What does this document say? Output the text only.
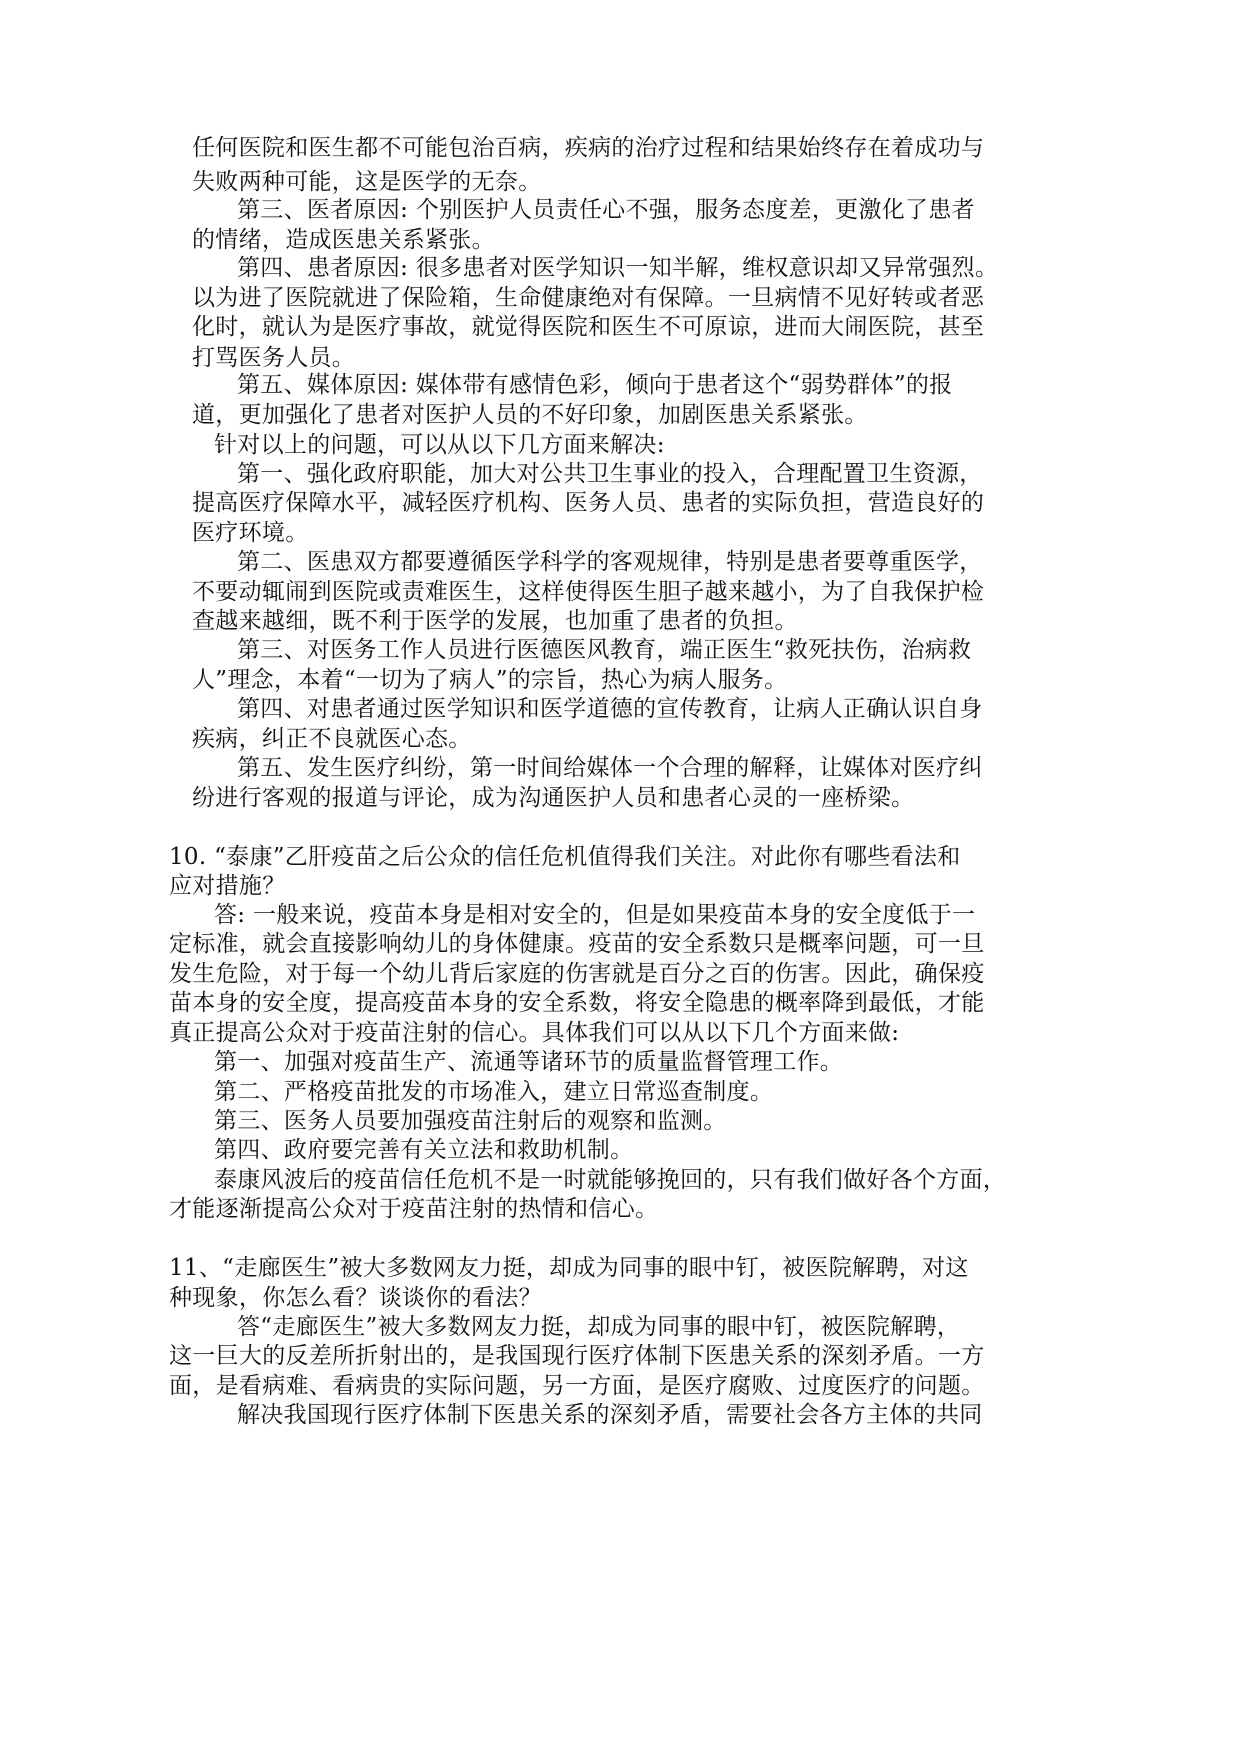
任何医院和医生都不可能包治百病，疾病的治疗过程和结果始终存在着成功与
失败两种可能，这是医学的无奈。
第三、医者原因: 个别医护人员责任心不强，服务态度差，更激化了患者
的情绪，造成医患关系紧张。
第四、患者原因: 很多患者对医学知识一知半解，维权意识却又异常强烈。
以为进了医院就进了保险箱，生命健康绝对有保障。一旦病情不见好转或者恶
化时，就认为是医疗事故，就觉得医院和医生不可原谅，进而大闹医院，甚至
打骂医务人员。
第五、媒体原因: 媒体带有感情色彩，倾向于患者这个“弱势群体”的报
道，更加强化了患者对医护人员的不好印象，加剧医患关系紧张。
针对以上的问题，可以从以下几方面来解决:
第一、强化政府职能，加大对公共卫生事业的投入，合理配置卫生资源，
提高医疗保障水平，减轻医疗机构、医务人员、患者的实际负担，营造良好的
医疗环境。
第二、医患双方都要遵循医学科学的客观规律，特别是患者要尊重医学，
不要动辄闹到医院或责难医生，这样使得医生胆子越来越小，为了自我保护检
查越来越细，既不利于医学的发展，也加重了患者的负担。
第三、对医务工作人员进行医德医风教育，端正医生“救死扶伤，治病救
人”理念，本着“一切为了病人”的宗旨，热心为病人服务。
第四、对患者通过医学知识和医学道德的宣传教育，让病人正确认识自身
疾病，纠正不良就医心态。
第五、发生医疗纠纷，第一时间给媒体一个合理的解释，让媒体对医疗纠
纷进行客观的报道与评论，成为沟通医护人员和患者心灵的一座桥梁。
10. “泰康”乙肝疫苗之后公众的信任危机值得我们关注。对此你有哪些看法和
应对措施？
答: 一般来说，疫苗本身是相对安全的，但是如果疫苗本身的安全度低于一
定标准，就会直接影响幼儿的身体健康。疫苗的安全系数只是概率问题，可一旦
发生危险，对于每一个幼儿背后家庭的伤害就是百分之百的伤害。因此，确保疫
苗本身的安全度，提高疫苗本身的安全系数，将安全隐患的概率降到最低，才能
真正提高公众对于疫苗注射的信心。具体我们可以从以下几个方面来做:
第一、加强对疫苗生产、流通等诸环节的质量监督管理工作。
第二、严格疫苗批发的市场准入，建立日常巡查制度。
第三、医务人员要加强疫苗注射后的观察和监测。
第四、政府要完善有关立法和救助机制。
泰康风波后的疫苗信任危机不是一时就能够挽回的，只有我们做好各个方面，
才能逐渐提高公众对于疫苗注射的热情和信心。
11、“走廊医生”被大多数网友力挺，却成为同事的眼中钉，被医院解聘，对这
种现象，你怎么看？谈谈你的看法？
答“走廊医生”被大多数网友力挺，却成为同事的眼中钉，被医院解聘，
这一巨大的反差所折射出的，是我国现行医疗体制下医患关系的深刻矛盾。一方
面，是看病难、看病贵的实际问题，另一方面，是医疗腐败、过度医疗的问题。
解决我国现行医疗体制下医患关系的深刻矛盾，需要社会各方主体的共同
